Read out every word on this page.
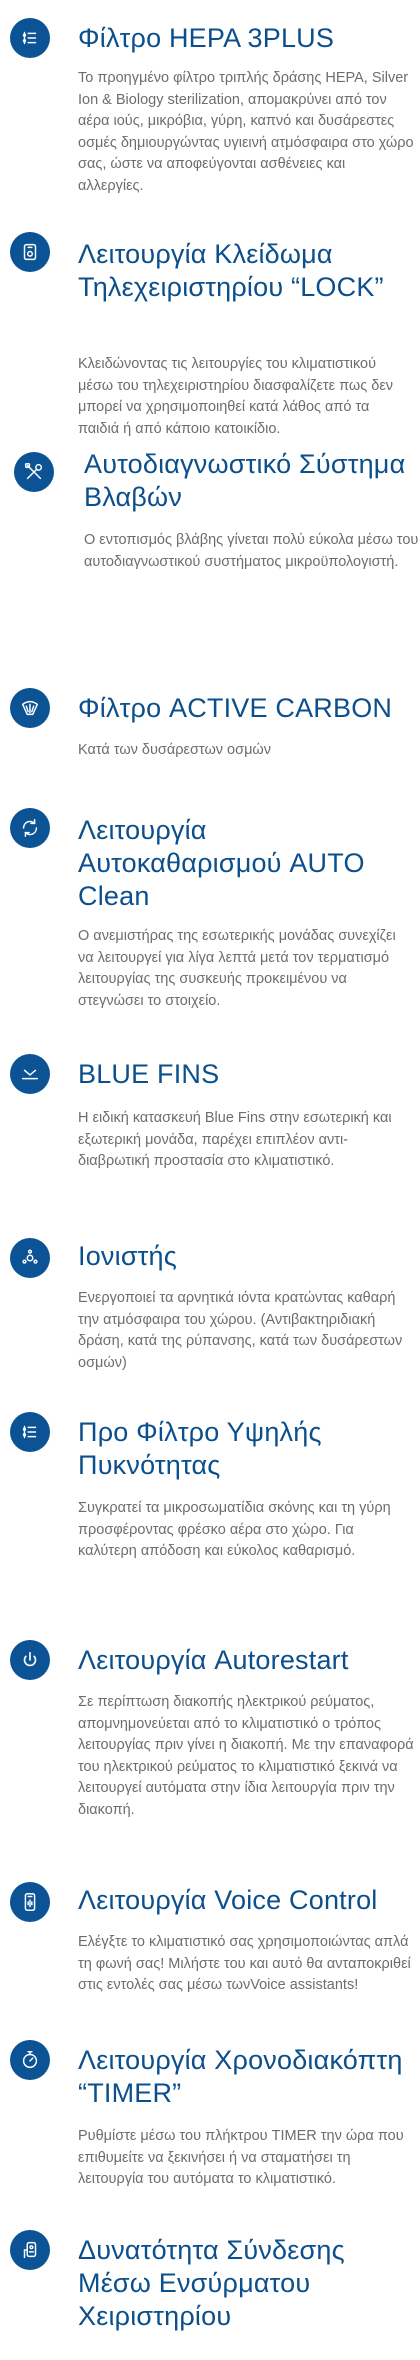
Φίλτρο HEPA 3PLUS

Το προηγμένο φίλτρο τριπλής δράσης HEPA, Silver Ion & Biology sterilization, απομακρύνει από τον αέρα ιούς, μικρόβια, γύρη, καπνό και δυσάρεστες οσμές δημιουργώντας υγιεινή ατμόσφαιρα στο χώρο σας, ώστε να αποφεύγονται ασθένειες και αλλεργίες.

Λειτουργία Κλείδωμα Τηλεχειριστηρίου “LOCK”

Κλειδώνοντας τις λειτουργίες του κλιματιστικού μέσω του τηλεχειριστηρίου διασφαλίζετε πως δεν μπορεί να χρησιμοποιηθεί κατά λάθος από τα παιδιά ή από κάποιο κατοικίδιο.

Αυτοδιαγνωστικό Σύστημα Βλαβών

Ο εντοπισμός βλάβης γίνεται πολύ εύκολα μέσω του αυτοδιαγνωστικού συστήματος μικροϋπολογιστή.

Φίλτρο ACTIVE CARBON

Κατά των δυσάρεστων οσμών

Λειτουργία Αυτοκαθαρισμού AUTO Clean

Ο ανεμιστήρας της εσωτερικής μονάδας συνεχίζει να λειτουργεί για λίγα λεπτά μετά τον τερματισμό λειτουργίας της συσκευής προκειμένου να στεγνώσει το στοιχείο.

BLUE FINS

Η ειδική κατασκευή Blue Fins στην εσωτερική και εξωτερική μονάδα, παρέχει επιπλέον αντι-διαβρωτική προστασία στο κλιματιστικό.

Ιονιστής

Ενεργοποιεί τα αρνητικά ιόντα κρατώντας καθαρή την ατμόσφαιρα του χώρου. (Αντιβακτηριδιακή δράση, κατά της ρύπανσης, κατά των δυσάρεστων οσμών)

Προ Φίλτρο Υψηλής Πυκνότητας

Συγκρατεί τα μικροσωματίδια σκόνης και τη γύρη προσφέροντας φρέσκο αέρα στο χώρο. Για καλύτερη απόδοση και εύκολος καθαρισμό.

Λειτουργία Autorestart

Σε περίπτωση διακοπής ηλεκτρικού ρεύματος, απομνημονεύεται από το κλιματιστικό ο τρόπος λειτουργίας πριν γίνει η διακοπή. Με την επαναφορά του ηλεκτρικού ρεύματος το κλιματιστικό ξεκινά να λειτουργεί αυτόματα στην ίδια λειτουργία πριν την διακοπή.

Λειτουργία Voice Control

Ελέγξτε το κλιματιστικό σας χρησιμοποιώντας απλά τη φωνή σας! Μιλήστε του και αυτό θα ανταποκριθεί στις εντολές σας μέσω τωνVoice assistants!

Λειτουργία Χρονοδιακόπτη “TIMER”

Ρυθμίστε μέσω του πλήκτρου TIMER την ώρα που επιθυμείτε να ξεκινήσει ή να σταματήσει τη λειτουργία του αυτόματα το κλιματιστικό.

Δυνατότητα Σύνδεσης Μέσω Ενσύρματου Χειριστηρίου
